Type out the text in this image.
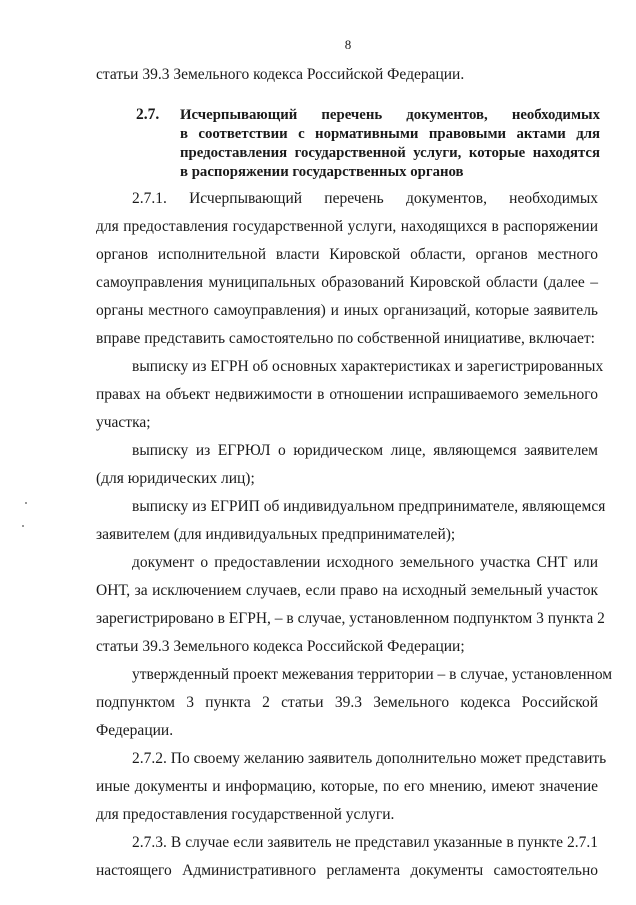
8
статьи 39.3 Земельного кодекса Российской Федерации.
2.7. Исчерпывающий перечень документов, необходимых
в соответствии с нормативными правовыми актами для
предоставления государственной услуги, которые находятся
в распоряжении государственных органов
2.7.1. Исчерпывающий перечень документов, необходимых
для предоставления государственной услуги, находящихся в распоряжении
органов исполнительной власти Кировской области, органов местного
самоуправления муниципальных образований Кировской области (далее –
органы местного самоуправления) и иных организаций, которые заявитель
вправе представить самостоятельно по собственной инициативе, включает:
выписку из ЕГРН об основных характеристиках и зарегистрированных
правах на объект недвижимости в отношении испрашиваемого земельного
участка;
выписку из ЕГРЮЛ о юридическом лице, являющемся заявителем
(для юридических лиц);
выписку из ЕГРИП об индивидуальном предпринимателе, являющемся
заявителем (для индивидуальных предпринимателей);
документ о предоставлении исходного земельного участка СНТ или
ОНТ, за исключением случаев, если право на исходный земельный участок
зарегистрировано в ЕГРН, – в случае, установленном подпунктом 3 пункта 2
статьи 39.3 Земельного кодекса Российской Федерации;
утвержденный проект межевания территории – в случае, установленном
подпунктом 3 пункта 2 статьи 39.3 Земельного кодекса Российской
Федерации.
2.7.2. По своему желанию заявитель дополнительно может представить
иные документы и информацию, которые, по его мнению, имеют значение
для предоставления государственной услуги.
2.7.3. В случае если заявитель не представил указанные в пункте 2.7.1
настоящего Административного регламента документы самостоятельно
